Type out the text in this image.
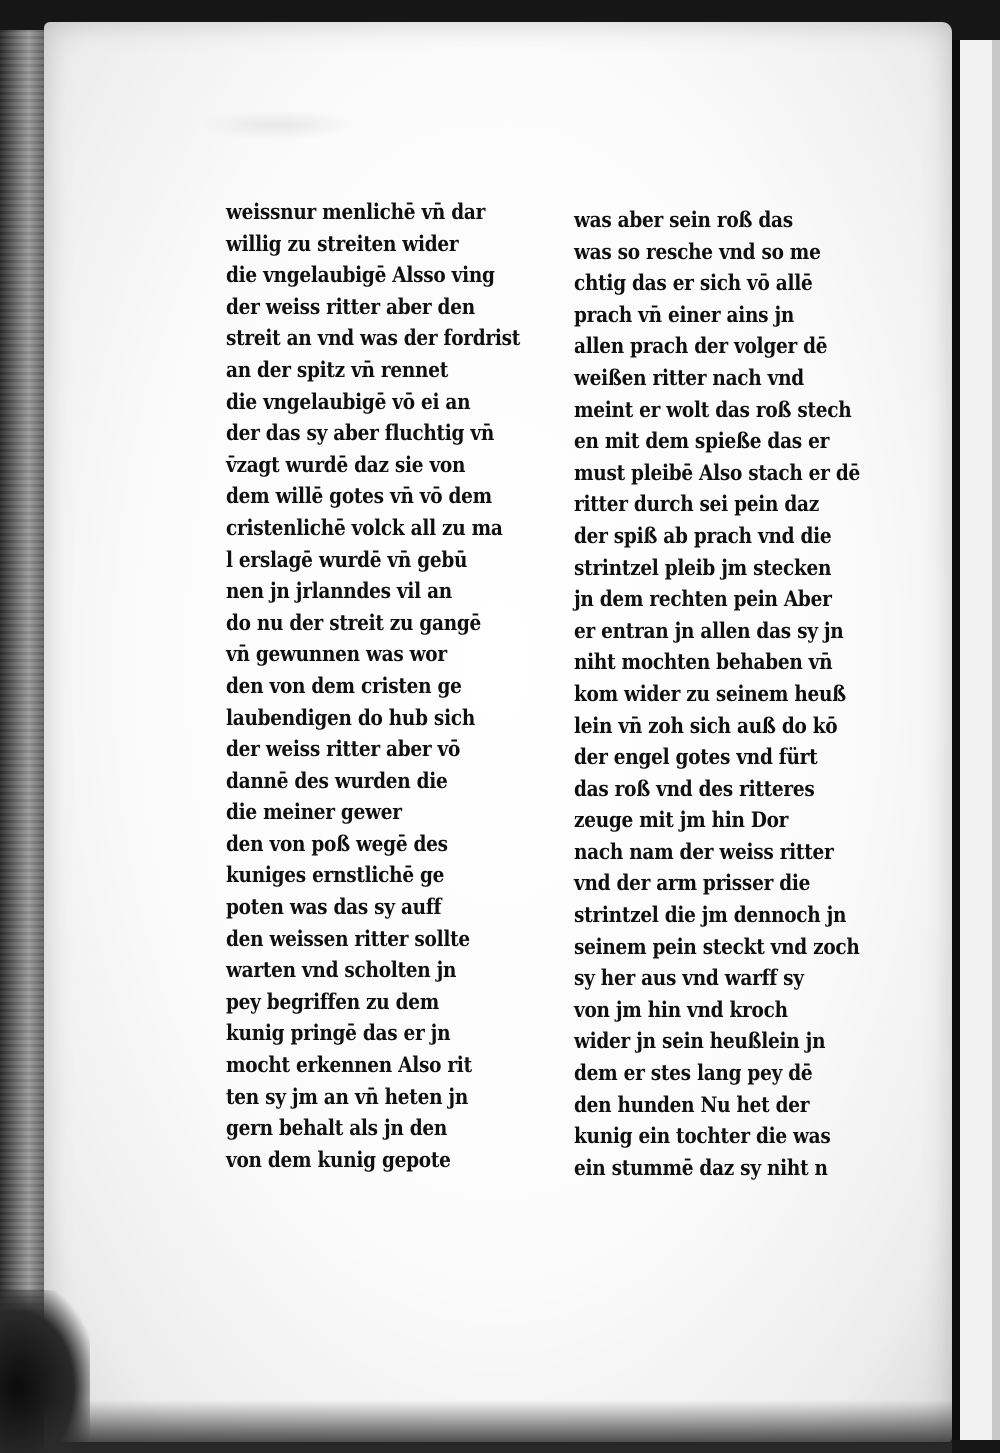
weissnur menlichē vn̄ dar
willig zu streiten wider
die vngelaubigē Alsso ving
der weiss ritter aber den
streit an vnd was der fordrist
an der spitz vn̄ rennet
die vngelaubigē vō ei an
der das sy aber fluchtig vn̄
v̄zagt wurdē daz sie von
dem willē gotes vn̄ vō dem
cristenlichē volck all zu ma
l erslagē wurdē vn̄ gebū
nen jn jrlanndes vil an
do nu der streit zu gangē
vn̄ gewunnen was wor
den von dem cristen ge
laubendigen do hub sich
der weiss ritter aber vō
dannē des wurden die
die meiner gewer
den von poß wegē des
kuniges ernstlichē ge
poten was das sy auff
den weissen ritter sollte
warten vnd scholten jn
pey begriffen zu dem
kunig pringē das er jn
mocht erkennen Also rit
ten sy jm an vn̄ heten jn
gern behalt als jn den
von dem kunig gepote
was aber sein roß das
was so resche vnd so me
chtig das er sich vō allē
prach vn̄ einer ains jn
allen prach der volger dē
weißen ritter nach vnd
meint er wolt das roß stech
en mit dem spieße das er
must pleibē Also stach er dē
ritter durch sei pein daz
der spiß ab prach vnd die
strintzel pleib jm stecken
jn dem rechten pein Aber
er entran jn allen das sy jn
niht mochten behaben vn̄
kom wider zu seinem heuß
lein vn̄ zoh sich auß do kō
der engel gotes vnd fürt
das roß vnd des ritteres
zeuge mit jm hin Dor
nach nam der weiss ritter
vnd der arm prisser die
strintzel die jm dennoch jn
seinem pein steckt vnd zoch
sy her aus vnd warff sy
von jm hin vnd kroch
wider jn sein heußlein jn
dem er stes lang pey dē
den hunden Nu het der
kunig ein tochter die was
ein stummē daz sy niht n
